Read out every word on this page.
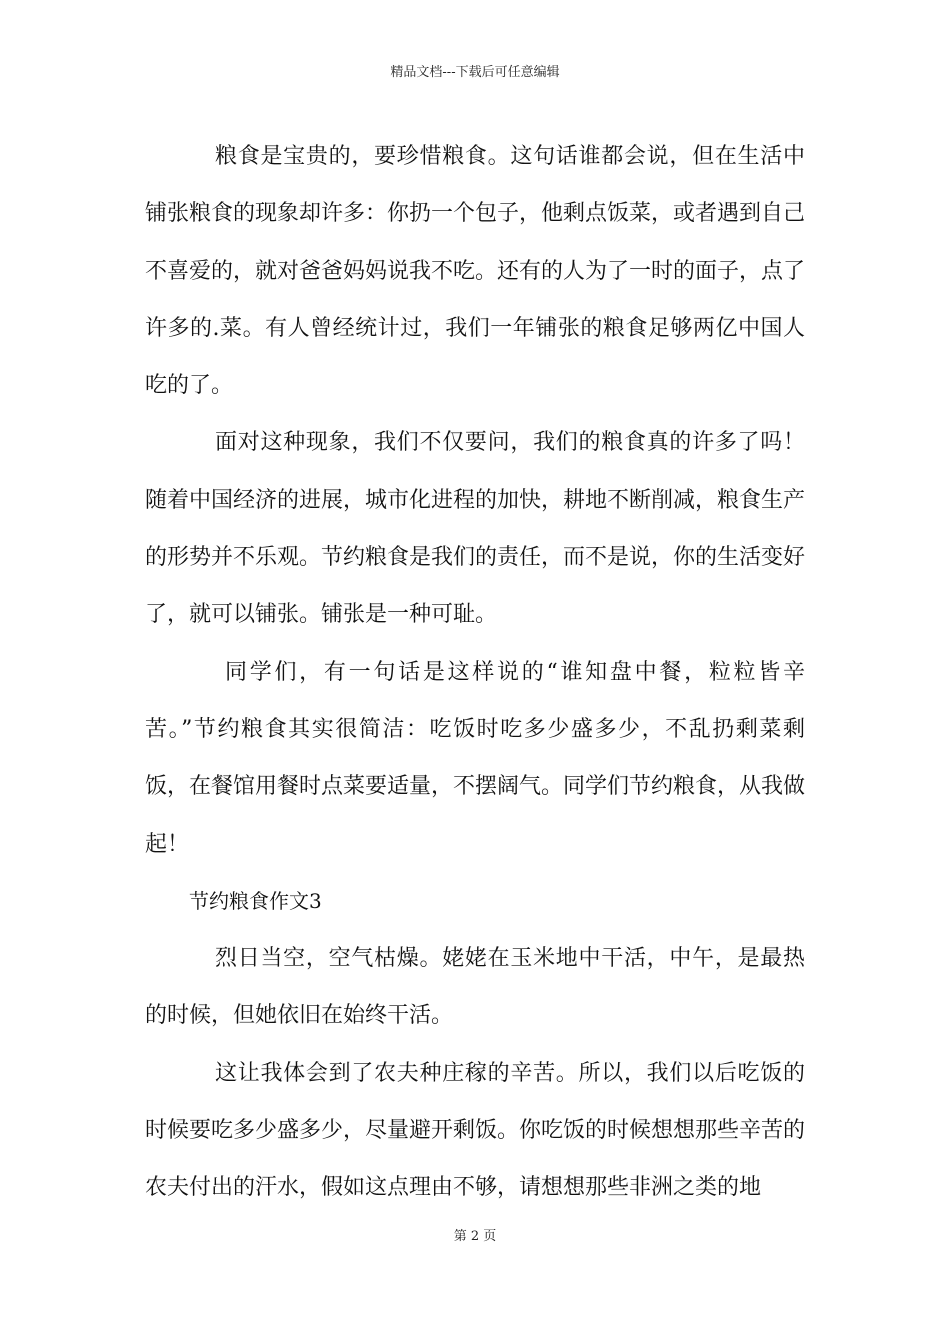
精品文档---下载后可任意编辑

粮食是宝贵的，要珍惜粮食。这句话谁都会说，但在生活中铺张粮食的现象却许多：你扔一个包子，他剩点饭菜，或者遇到自己不喜爱的，就对爸爸妈妈说我不吃。还有的人为了一时的面子，点了许多的.菜。有人曾经统计过，我们一年铺张的粮食足够两亿中国人吃的了。

面对这种现象，我们不仅要问，我们的粮食真的许多了吗！随着中国经济的进展，城市化进程的加快，耕地不断削减，粮食生产的形势并不乐观。节约粮食是我们的责任，而不是说，你的生活变好了，就可以铺张。铺张是一种可耻。

同学们，有一句话是这样说的“谁知盘中餐，粒粒皆辛苦。”节约粮食其实很简洁：吃饭时吃多少盛多少，不乱扔剩菜剩饭，在餐馆用餐时点菜要适量，不摆阔气。同学们节约粮食，从我做起！

节约粮食作文3

烈日当空，空气枯燥。姥姥在玉米地中干活，中午，是最热的时候，但她依旧在始终干活。

这让我体会到了农夫种庄稼的辛苦。所以，我们以后吃饭的时候要吃多少盛多少，尽量避开剩饭。你吃饭的时候想想那些辛苦的农夫付出的汗水，假如这点理由不够，请想想那些非洲之类的地

第 2 页
